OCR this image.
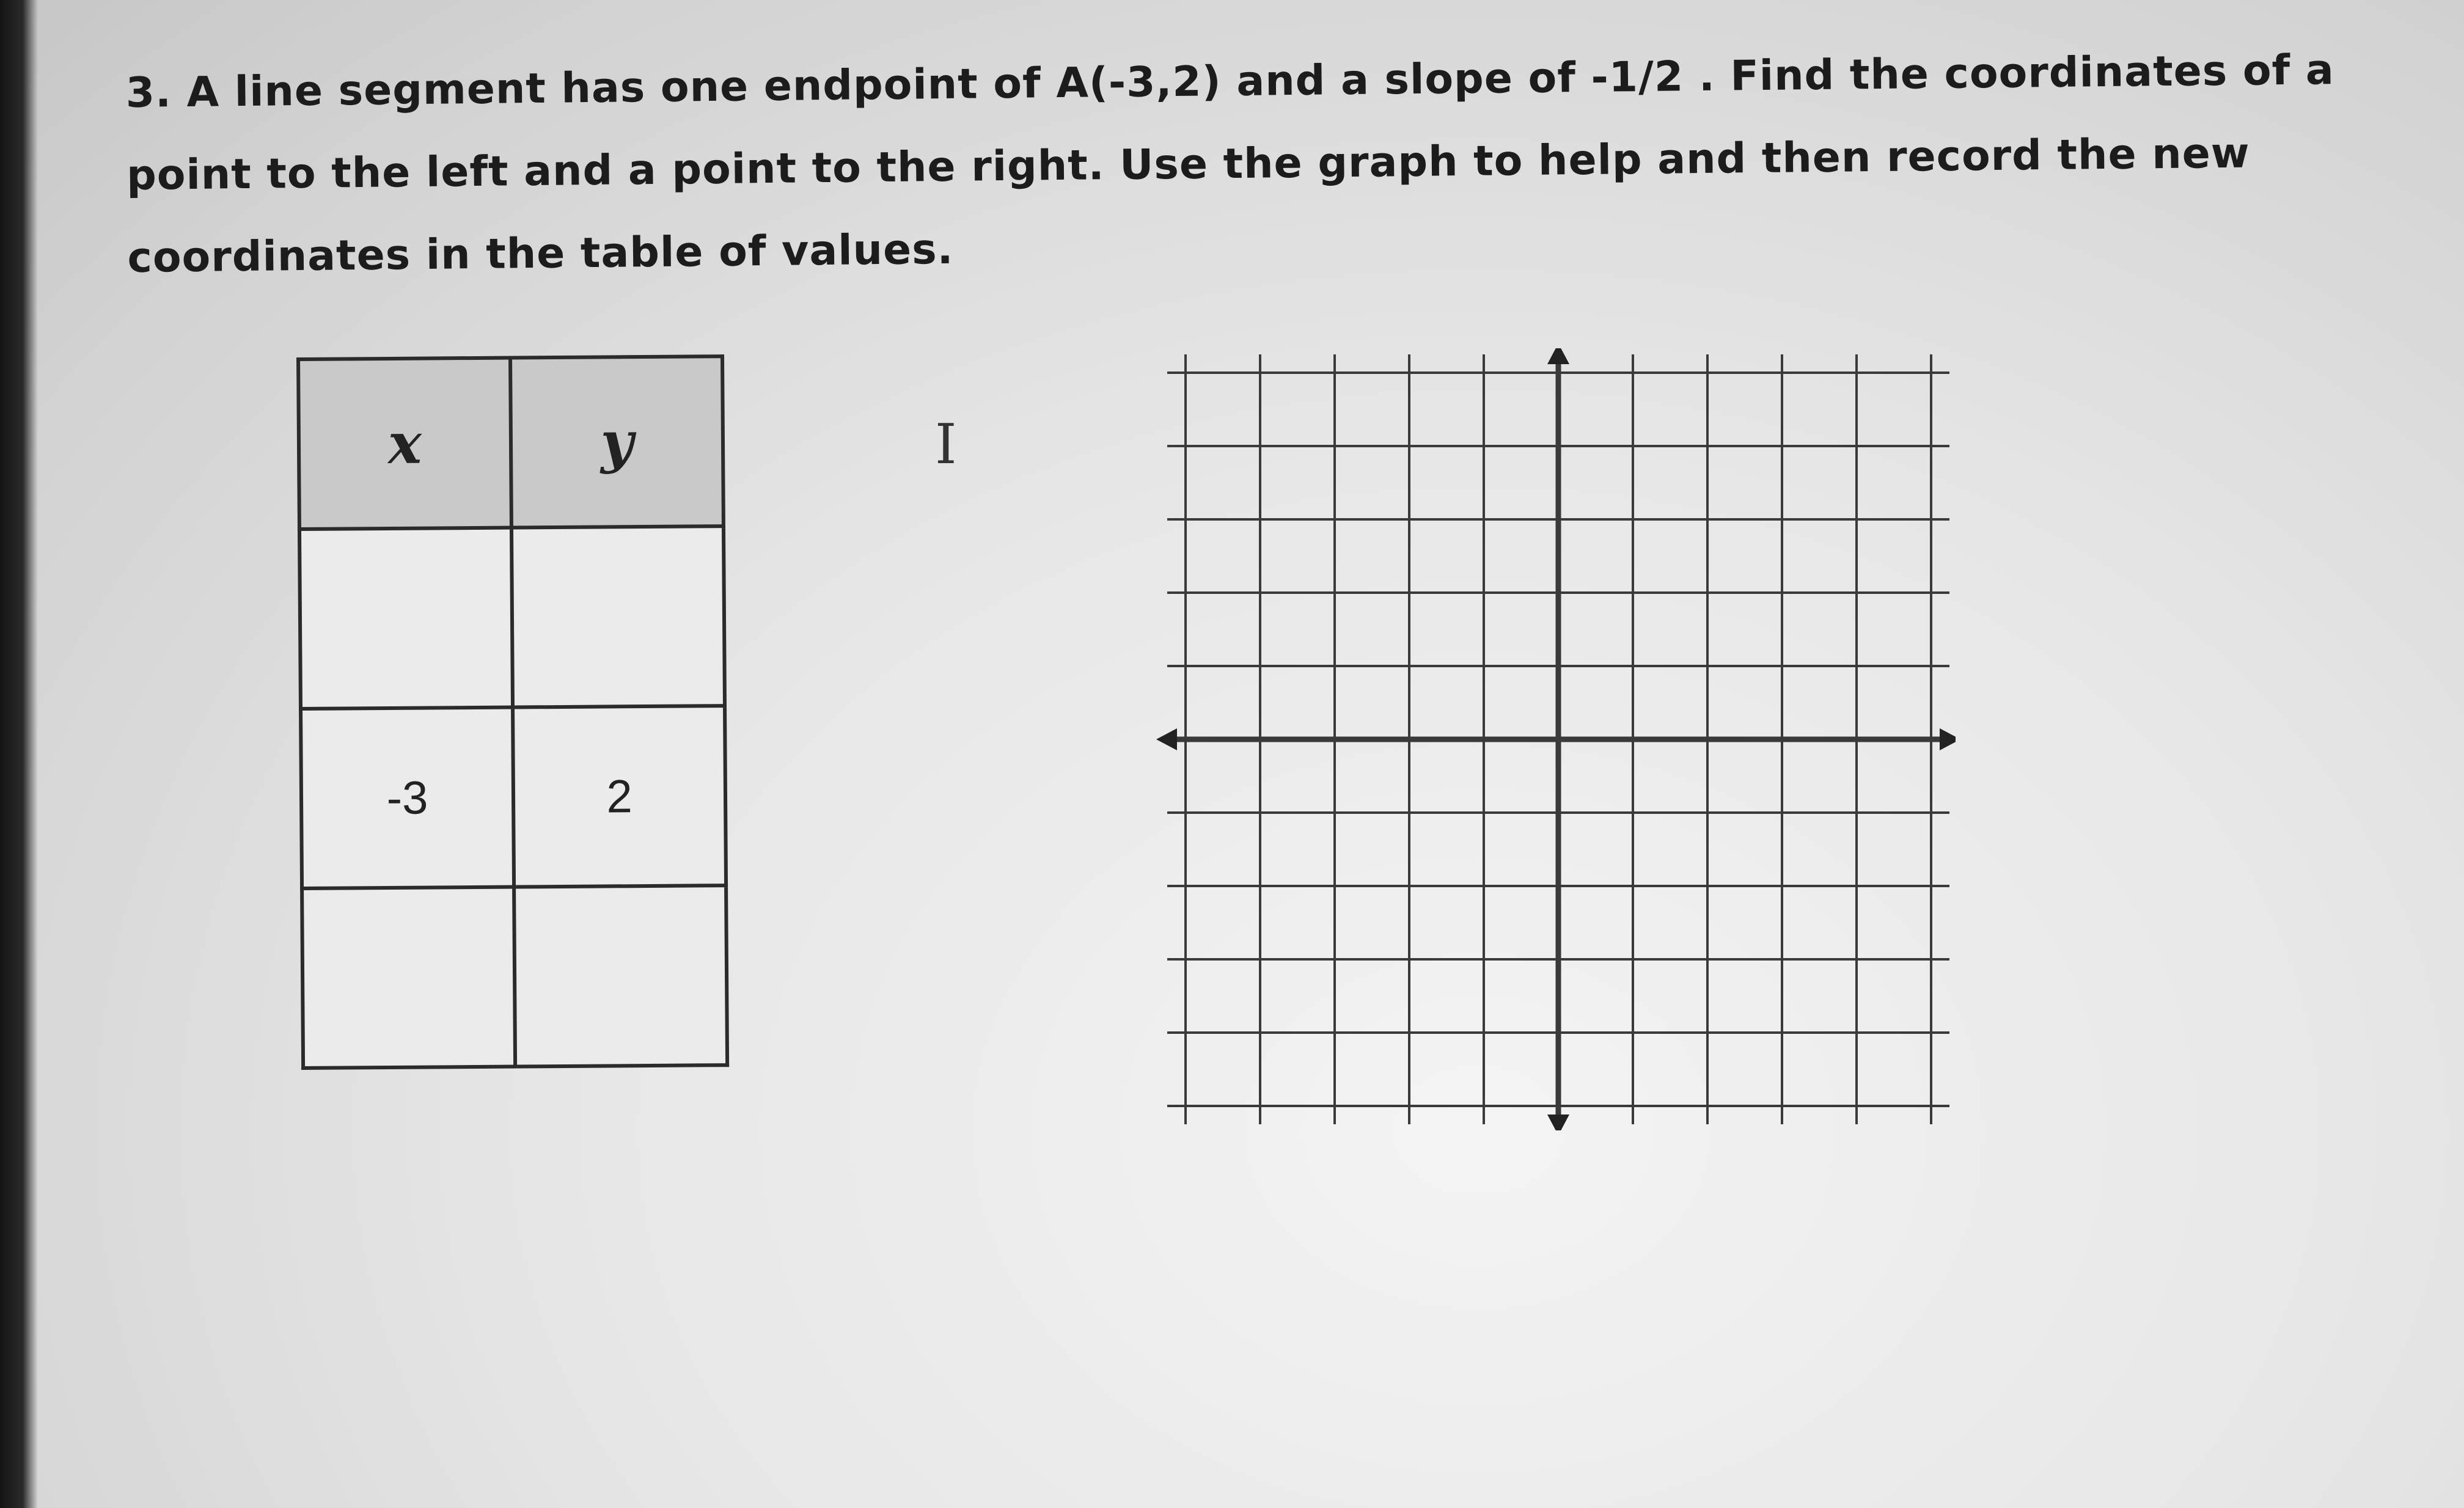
3. A line segment has one endpoint of A(-3,2) and a slope of -1/2 . Find the coordinates of a point to the left and a point to the right. Use the graph to help and then record the new coordinates in the table of values.

x	y

-3	2

I
